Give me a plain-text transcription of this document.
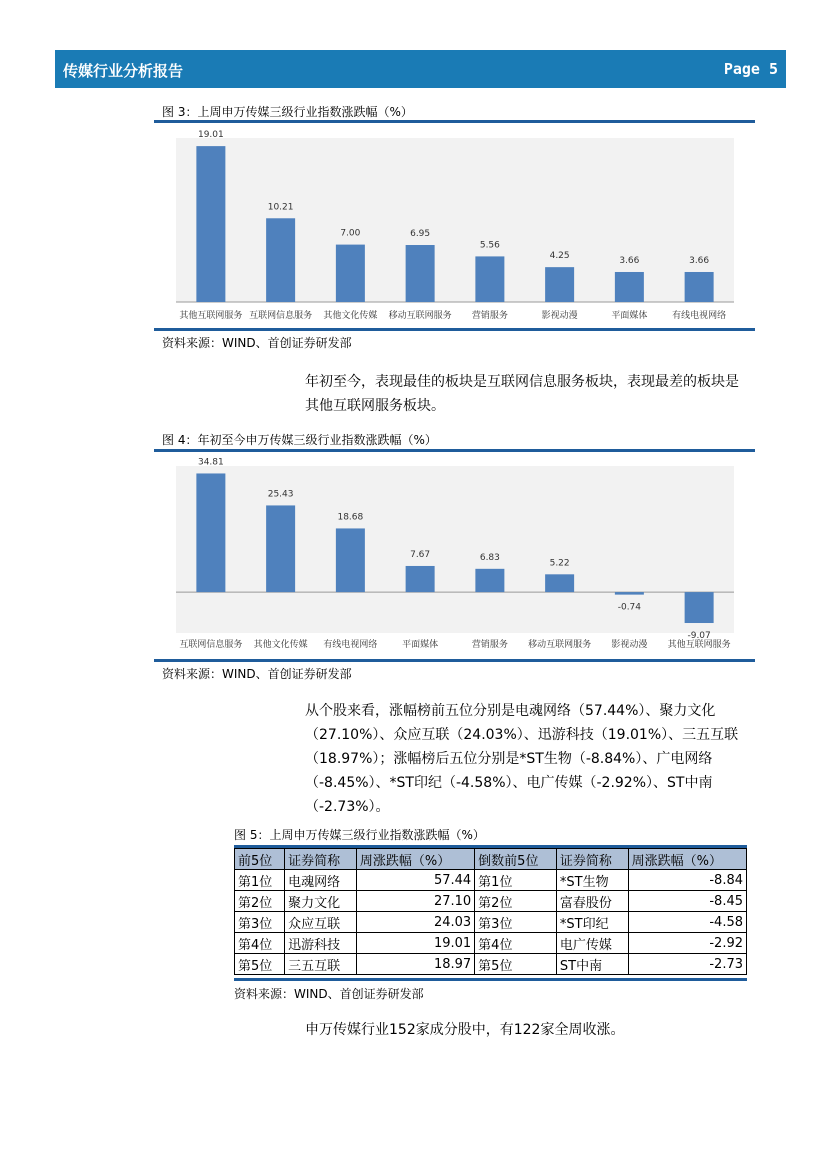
传媒行业分析报告	Page 5
图 3：上周申万传媒三级行业指数涨跌幅（%）
19.01
其他互联网服务
10.21
互联网信息服务
7.00
其他文化传媒
6.95
移动互联网服务
5.56
营销服务
4.25
影视动漫
3.66
平面媒体
3.66
有线电视网络
资料来源：WIND、首创证券研发部
年初至今，表现最佳的板块是互联网信息服务板块，表现最差的板块是其他互联网服务板块。
图 4：年初至今申万传媒三级行业指数涨跌幅（%）
34.81
互联网信息服务
25.43
其他文化传媒
18.68
有线电视网络
7.67
平面媒体
6.83
营销服务
5.22
移动互联网服务
-0.74
影视动漫
-9.07
其他互联网服务
资料来源：WIND、首创证券研发部
从个股来看，涨幅榜前五位分别是电魂网络（57.44%）、聚力文化（27.10%）、众应互联（24.03%）、迅游科技（19.01%）、三五互联（18.97%）；涨幅榜后五位分别是*ST生物（-8.84%）、广电网络（-8.45%）、*ST印纪（-4.58%）、电广传媒（-2.92%）、ST中南（-2.73%）。
图 5：上周申万传媒三级行业指数涨跌幅（%）
前5位	证券简称	周涨跌幅（%）	倒数前5位	证券简称	周涨跌幅（%）
第1位	电魂网络	57.44	第1位	*ST生物	-8.84
第2位	聚力文化	27.10	第2位	富春股份	-8.45
第3位	众应互联	24.03	第3位	*ST印纪	-4.58
第4位	迅游科技	19.01	第4位	电广传媒	-2.92
第5位	三五互联	18.97	第5位	ST中南	-2.73
资料来源：WIND、首创证券研发部
申万传媒行业152家成分股中，有122家全周收涨。
